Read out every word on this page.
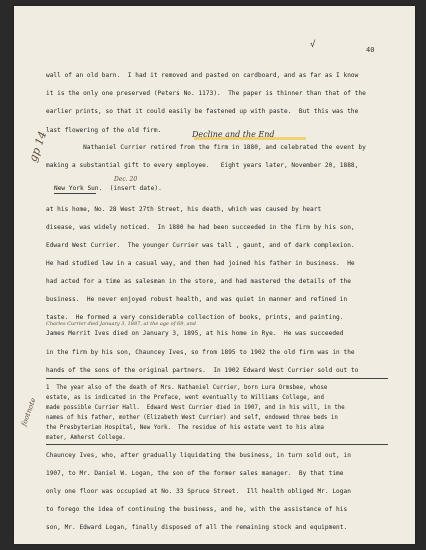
40
√
wall of an old barn.  I had it removed and pasted on cardboard, and as far as I know
it is the only one preserved (Peters No. 1173).  The paper is thinner than that of the
earlier prints, so that it could easily be fastened up with paste.  But this was the
last flowering of the old firm.	Decline and the End
Nathaniel Currier retired from the firm in 1880, and celebrated the event by
making a substantial gift to every employee.   Eight years later, November 20, 1888,
gp 14
New York Sun.  (insert date).
Dec. 20
at his home, No. 28 West 27th Street, his death, which was caused by heart
disease, was widely noticed.  In 1880 he had been succeeded in the firm by his son,
Edward West Currier.  The younger Currier was tall , gaunt, and of dark complexion.
He had studied law in a casual way, and then had joined his father in business.  He
had acted for a time as salesman in the store, and had mastered the details of the
business.  He never enjoyed robust health, and was quiet in manner and refined in
taste.  He formed a very considerable collection of books, prints, and painting.
Charles Currier died January 3, 1887, at the age of 69, and
James Merrit Ives died on January 3, 1895, at his home in Rye.  He was succeeded
in the firm by his son, Chauncey Ives, so from 1895 to 1902 the old firm was in the
hands of the sons of the original partners.  In 1902 Edward West Currier sold out to
1  The year also of the death of Mrs. Nathaniel Currier, born Lura Ormsbee, whose
estate, as is indicated in the Preface, went eventually to Williams College, and
made possible Currier Hall.  Edward West Currier died in 1907, and in his will, in the
names of his father, mother (Elizabeth West Currier) and self, endowed three beds in
the Presbyterian Hospital, New York.  The residue of his estate went to his alma
mater, Amherst College.
footnote
Chauncey Ives, who, after gradually liquidating the business, in turn sold out, in
1907, to Mr. Daniel W. Logan, the son of the former sales manager.  By that time
only one floor was occupied at No. 33 Spruce Street.  Ill health obliged Mr. Logan
to forego the idea of continuing the business, and he, with the assistance of his
son, Mr. Edward Logan, finally disposed of all the remaining stock and equipment.
